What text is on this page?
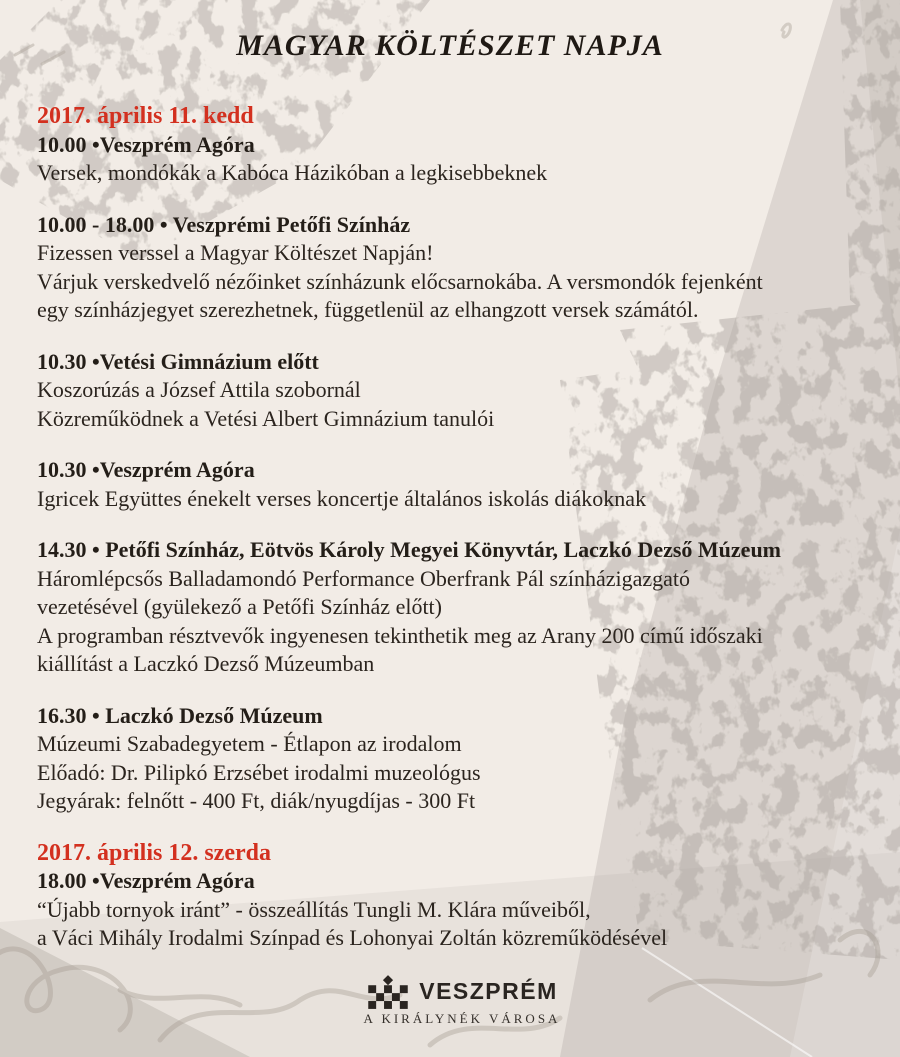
MAGYAR KÖLTÉSZET NAPJA
2017. április 11. kedd
10.00 •Veszprém Agóra

Versek, mondókák a Kabóca Házikóban a legkisebbeknek

10.00 - 18.00 • Veszprémi Petőfi Színház

Fizessen verssel a Magyar Költészet Napján!

Várjuk verskedvelő nézőinket színházunk előcsarnokába. A versmondók fejenként

egy színházjegyet szerezhetnek, függetlenül az elhangzott versek számától.

10.30 •Vetési Gimnázium előtt

Koszorúzás a József Attila szobornál

Közreműködnek a Vetési Albert Gimnázium tanulói

10.30 •Veszprém Agóra

Igricek Együttes énekelt verses koncertje általános iskolás diákoknak

14.30 • Petőfi Színház, Eötvös Károly Megyei Könyvtár, Laczkó Dezső Múzeum

Háromlépcsős Balladamondó Performance Oberfrank Pál színházigazgató

vezetésével (gyülekező a Petőfi Színház előtt)

A programban résztvevők ingyenesen tekinthetik meg az Arany 200 című időszaki

kiállítást a Laczkó Dezső Múzeumban

16.30 • Laczkó Dezső Múzeum

Múzeumi Szabadegyetem - Étlapon az irodalom

Előadó: Dr. Pilipkó Erzsébet irodalmi muzeológus

Jegyárak: felnőtt - 400 Ft, diák/nyugdíjas - 300 Ft

2017. április 12. szerda
18.00 •Veszprém Agóra

“Újabb tornyok iránt” - összeállítás Tungli M. Klára műveiből,

a Váci Mihály Irodalmi Színpad és Lohonyai Zoltán közreműködésével

VESZPRÉM
A KIRÁLYNÉK VÁROSA
